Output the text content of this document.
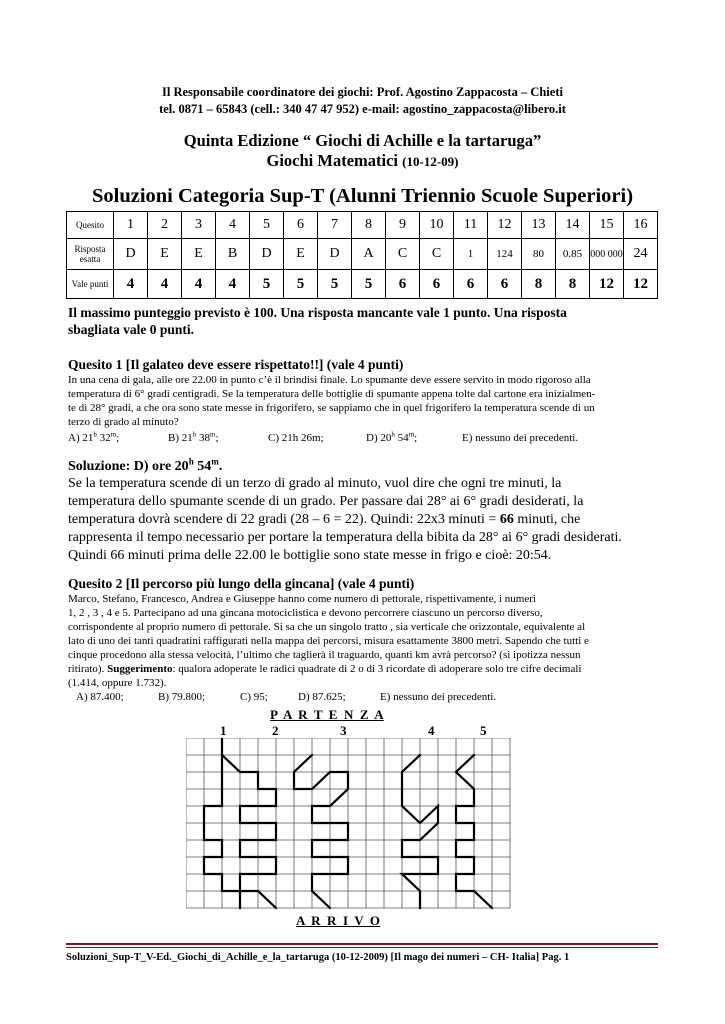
Il Responsabile coordinatore dei giochi: Prof. Agostino Zappacosta – Chieti
tel. 0871 – 65843 (cell.: 340 47 47 952) e-mail: agostino_zappacosta@libero.it
Quinta Edizione “ Giochi di Achille e la tartaruga”
Giochi Matematici (10-12-09)
Soluzioni Categoria Sup-T (Alunni Triennio Scuole Superiori)
Quesito	1	2	3	4	5	6	7	8	9	10	11	12	13	14	15	16
Risposta esatta	D	E	E	B	D	E	D	A	C	C	1	124	80	0.85	000 000	24
Vale punti	4	4	4	4	5	5	5	5	6	6	6	6	8	8	12	12
Il massimo punteggio previsto è 100. Una risposta mancante vale 1 punto. Una risposta
sbagliata vale 0 punti.
Quesito 1 [Il galateo deve essere rispettato!!] (vale 4 punti)
In una cena di gala, alle ore 22.00 in punto c’è il brindisi finale. Lo spumante deve essere servito in modo rigoroso alla
temperatura di 6° gradi centigradi. Se la temperatura delle bottiglie di spumante appena tolte dal cartone era inizialmen-
te di 28° gradi, a che ora sono state messe in frigorifero, se sappiamo che in quel frigorifero la temperatura scende di un
terzo di grado al minuto?
A) 21$^h$ 32$^m$;	B) 21$^h$ 38$^m$;	C) 21h 26m;	D) 20$^h$ 54$^m$;	E) nessuno dei precedenti.
Soluzione: D) ore 20$^h$ 54$^m$.
Se la temperatura scende di un terzo di grado al minuto, vuol dire che ogni tre minuti, la
temperatura dello spumante scende di un grado. Per passare dai 28° ai 6° gradi desiderati, la
temperatura dovrà scendere di 22 gradi (28 – 6 = 22). Quindi: 22x3 minuti = 66 minuti, che
rappresenta il tempo necessario per portare la temperatura della bibita da 28° ai 6° gradi desiderati.
Quindi 66 minuti prima delle 22.00 le bottiglie sono state messe in frigo e cioè: 20:54.
Quesito 2 [Il percorso più lungo della gincana] (vale 4 punti)
Marco, Stefano, Francesco, Andrea e Giuseppe hanno come numero di pettorale, rispettivamente, i numeri
1, 2 , 3 , 4 e 5. Partecipano ad una gincana motociclistica e devono percorrere ciascuno un percorso diverso,
corrispondente al proprio numero di pettorale. Si sa che un singolo tratto , sia verticale che orizzontale, equivalente al
lato di uno dei tanti quadratini raffigurati nella mappa dei percorsi, misura esattamente 3800 metri. Sapendo che tutti e
cinque procedono alla stessa velocità, l’ultimo che taglierà il traguardo, quanti km avrà percorso? (si ipotizza nessun
ritirato). Suggerimento: qualora adoperate le radici quadrate di 2 o di 3 ricordate di adoperare solo tre cifre decimali
(1.414, oppure 1.732).
A) 87.400;	B) 79.800;	C) 95;	D) 87.625;	E) nessuno dei precedenti.
P  A  R  T  E  N  Z  A
1	2	3	4	5
A  R  R  I  V  O
Soluzioni_Sup-T_V-Ed._Giochi_di_Achille_e_la_tartaruga (10-12-2009) [Il mago dei numeri – CH- Italia] Pag. 1
